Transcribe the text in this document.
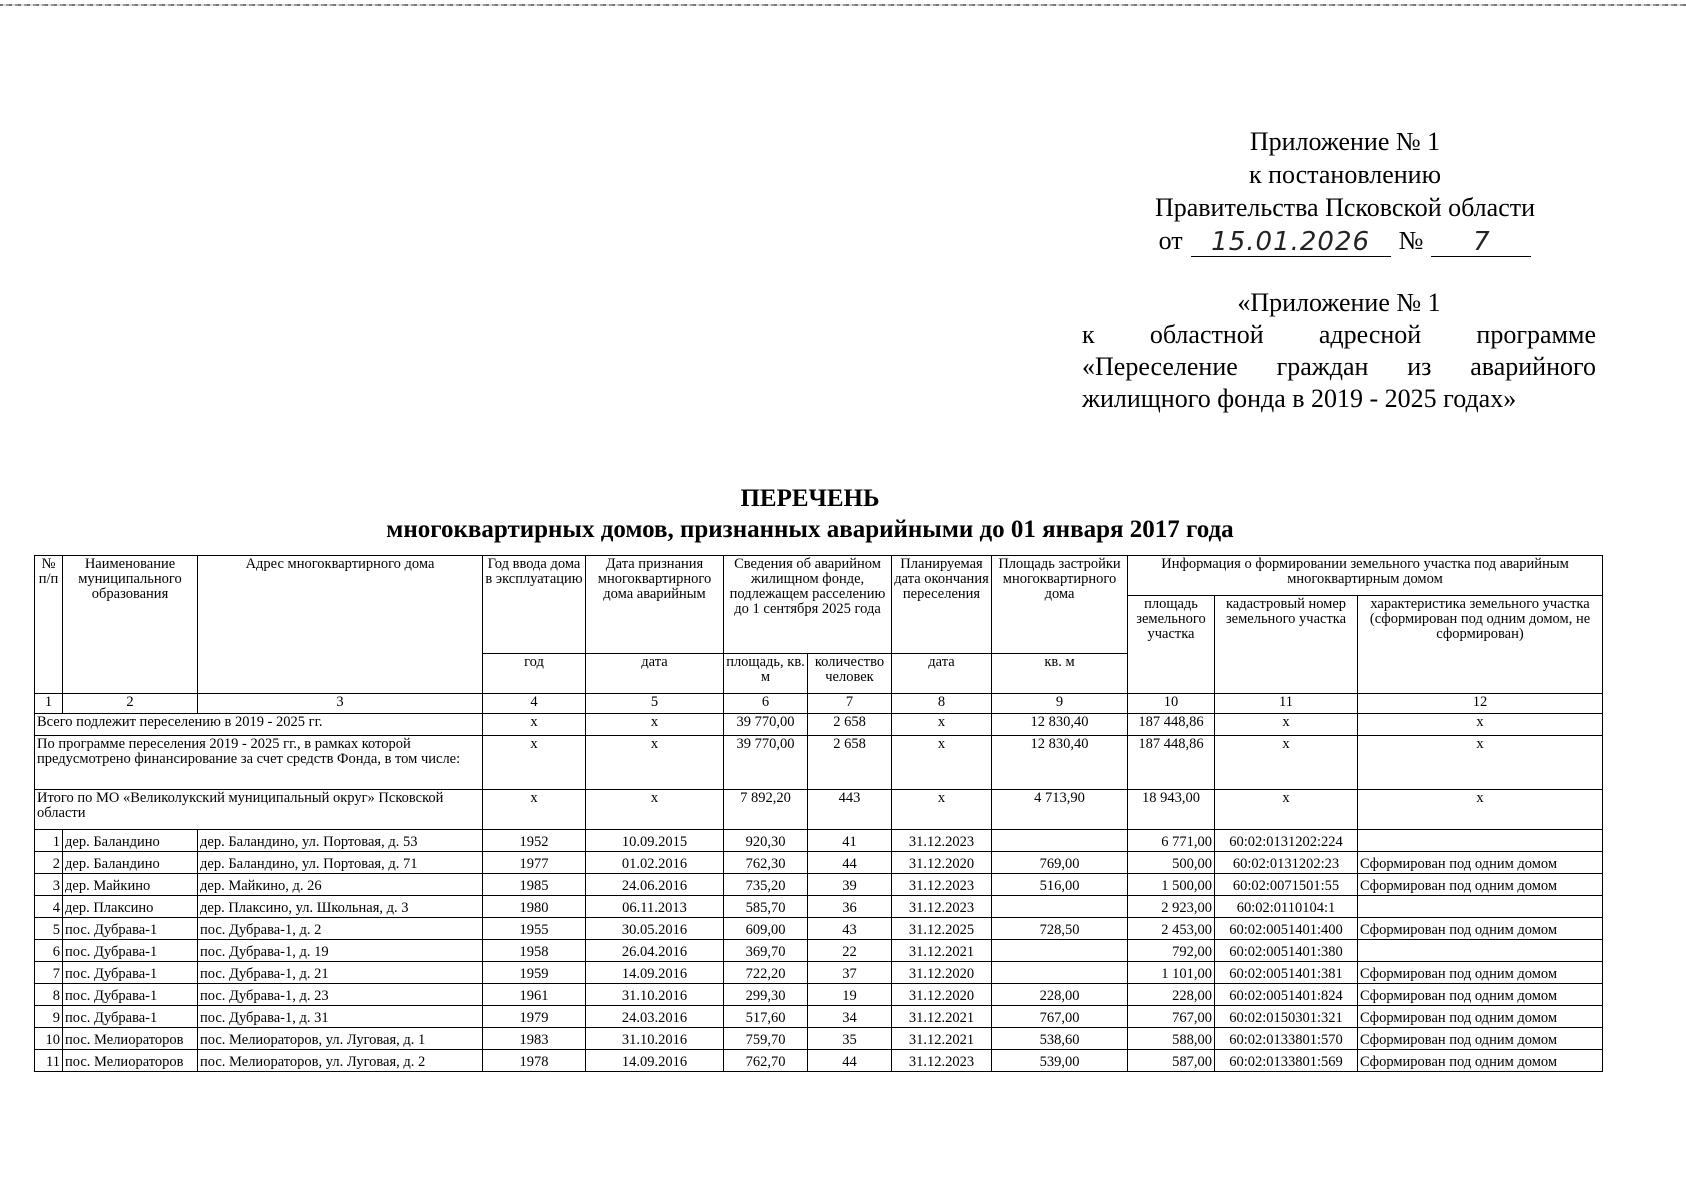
Приложение № 1
к постановлению
Правительства Псковской области
от	15.01.2026	№	7
«Приложение № 1
к областной адресной программе
«Переселение граждан из аварийного
жилищного фонда в 2019 - 2025 годах»
ПЕРЕЧЕНЬ
многоквартирных домов, признанных аварийными до 01 января 2017 года
№ п/п	Наименование муниципального образования	Адрес многоквартирного дома	Год ввода дома в эксплуатацию	Дата признания многоквартирного дома аварийным	Сведения об аварийном жилищном фонде, подлежащем расселению до 1 сентября 2025 года		Планируемая дата окончания переселения	Площадь застройки многоквартирного дома	Информация о формировании земельного участка под аварийным многоквартирным домом		
									площадь земельного участка	кадастровый номер земельного участка	характеристика земельного участка (сформирован под одним домом, не сформирован)
			год	дата	площадь, кв. м	количество человек	дата	кв. м			
1	2	3	4	5	6	7	8	9	10	11	12
Всего подлежит переселению в 2019 - 2025 гг.			х	х	39 770,00	2 658	х	12 830,40	187 448,86	х	х
По программе переселения 2019 - 2025 гг., в рамках которой предусмотрено финансирование за счет средств Фонда, в том числе:			х	х	39 770,00	2 658	х	12 830,40	187 448,86	х	х
Итого по МО «Великолукский муниципальный округ» Псковской области			х	х	7 892,20	443	х	4 713,90	18 943,00	х	х
1	дер. Баландино	дер. Баландино, ул. Портовая, д. 53	1952	10.09.2015	920,30	41	31.12.2023		6 771,00	60:02:0131202:224	
2	дер. Баландино	дер. Баландино, ул. Портовая, д. 71	1977	01.02.2016	762,30	44	31.12.2020	769,00	500,00	60:02:0131202:23	Сформирован под одним домом
3	дер. Майкино	дер. Майкино, д. 26	1985	24.06.2016	735,20	39	31.12.2023	516,00	1 500,00	60:02:0071501:55	Сформирован под одним домом
4	дер. Плаксино	дер. Плаксино, ул. Школьная, д. 3	1980	06.11.2013	585,70	36	31.12.2023		2 923,00	60:02:0110104:1	
5	пос. Дубрава-1	пос. Дубрава-1, д. 2	1955	30.05.2016	609,00	43	31.12.2025	728,50	2 453,00	60:02:0051401:400	Сформирован под одним домом
6	пос. Дубрава-1	пос. Дубрава-1, д. 19	1958	26.04.2016	369,70	22	31.12.2021		792,00	60:02:0051401:380	
7	пос. Дубрава-1	пос. Дубрава-1, д. 21	1959	14.09.2016	722,20	37	31.12.2020		1 101,00	60:02:0051401:381	Сформирован под одним домом
8	пос. Дубрава-1	пос. Дубрава-1, д. 23	1961	31.10.2016	299,30	19	31.12.2020	228,00	228,00	60:02:0051401:824	Сформирован под одним домом
9	пос. Дубрава-1	пос. Дубрава-1, д. 31	1979	24.03.2016	517,60	34	31.12.2021	767,00	767,00	60:02:0150301:321	Сформирован под одним домом
10	пос. Мелиораторов	пос. Мелиораторов, ул. Луговая, д. 1	1983	31.10.2016	759,70	35	31.12.2021	538,60	588,00	60:02:0133801:570	Сформирован под одним домом
11	пос. Мелиораторов	пос. Мелиораторов, ул. Луговая, д. 2	1978	14.09.2016	762,70	44	31.12.2023	539,00	587,00	60:02:0133801:569	Сформирован под одним домом
